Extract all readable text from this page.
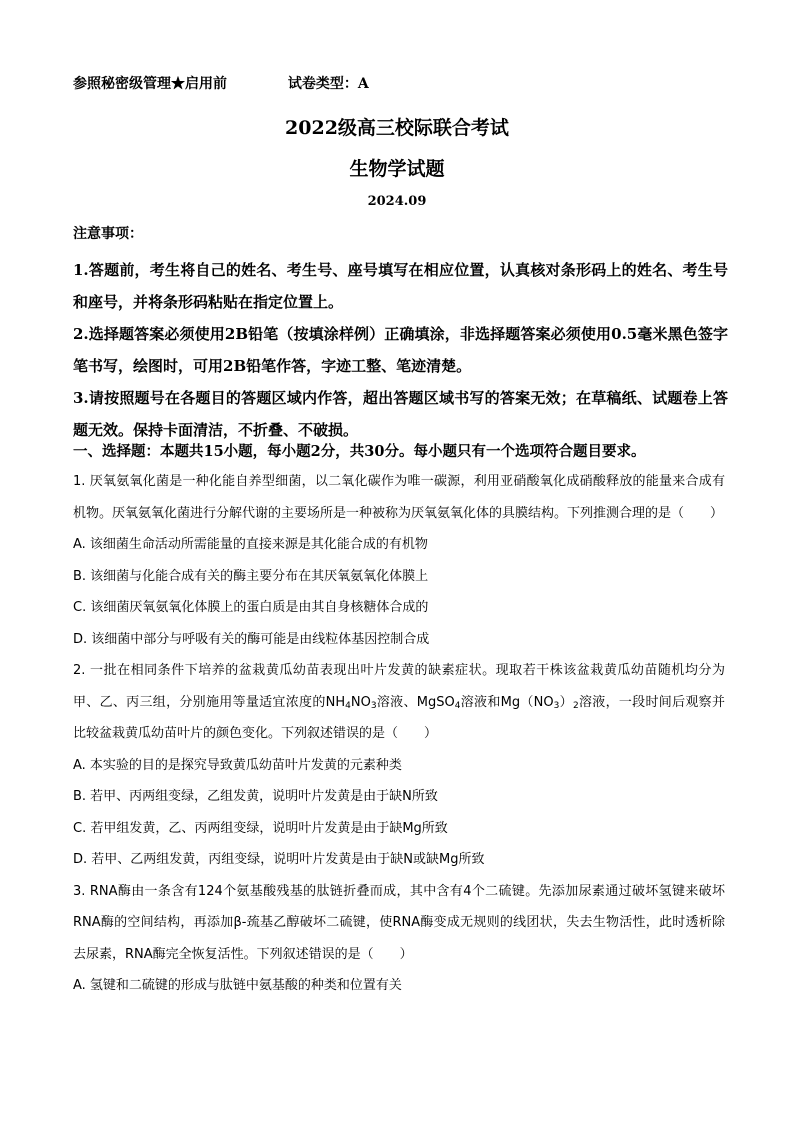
参照秘密级管理★启用前	试卷类型：A
2022级高三校际联合考试
生物学试题
2024.09
注意事项：

1.答题前，考生将自己的姓名、考生号、座号填写在相应位置，认真核对条形码上的姓名、考生号和座号，并将条形码粘贴在指定位置上。

2.选择题答案必须使用2B铅笔（按填涂样例）正确填涂，非选择题答案必须使用0.5毫米黑色签字笔书写，绘图时，可用2B铅笔作答，字迹工整、笔迹清楚。

3.请按照题号在各题目的答题区域内作答，超出答题区域书写的答案无效；在草稿纸、试题卷上答题无效。保持卡面清洁，不折叠、不破损。

一、选择题：本题共15小题，每小题2分，共30分。每小题只有一个选项符合题目要求。

1. 厌氧氨氧化菌是一种化能自养型细菌，以二氧化碳作为唯一碳源，利用亚硝酸氧化成硝酸释放的能量来合成有机物。厌氧氨氧化菌进行分解代谢的主要场所是一种被称为厌氧氨氧化体的具膜结构。下列推测合理的是（　　）

A. 该细菌生命活动所需能量的直接来源是其化能合成的有机物

B. 该细菌与化能合成有关的酶主要分布在其厌氧氨氧化体膜上

C. 该细菌厌氧氨氧化体膜上的蛋白质是由其自身核糖体合成的

D. 该细菌中部分与呼吸有关的酶可能是由线粒体基因控制合成

2. 一批在相同条件下培养的盆栽黄瓜幼苗表现出叶片发黄的缺素症状。现取若干株该盆栽黄瓜幼苗随机均分为甲、乙、丙三组，分别施用等量适宜浓度的$NH_4NO_3$溶液、MgSO$_4$溶液和$Mg(NO_3)_2$溶液，一段时间后观察并比较盆栽黄瓜幼苗叶片的颜色变化。下列叙述错误的是（　　）

A. 本实验的目的是探究导致黄瓜幼苗叶片发黄的元素种类

B. 若甲、丙两组变绿，乙组发黄，说明叶片发黄是由于缺N所致

C. 若甲组发黄，乙、丙两组变绿，说明叶片发黄是由于缺Mg所致

D. 若甲、乙两组发黄，丙组变绿，说明叶片发黄是由于缺N或缺Mg所致

3. RNA酶由一条含有124个氨基酸残基的肽链折叠而成，其中含有4个二硫键。先添加尿素通过破坏氢键来破坏RNA酶的空间结构，再添加β-巯基乙醇破坏二硫键，使RNA酶变成无规则的线团状，失去生物活性，此时透析除去尿素，RNA酶完全恢复活性。下列叙述错误的是（　　）

A. 氢键和二硫键的形成与肽链中氨基酸的种类和位置有关
